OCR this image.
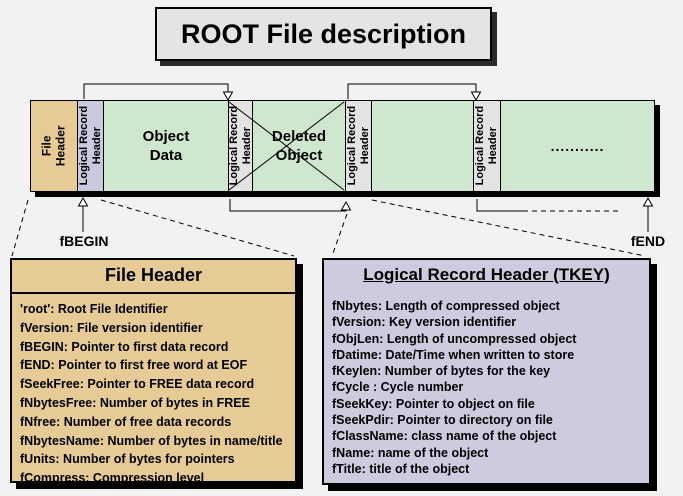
ROOT File description
File Header Logical Record Header	Object
Data	Logical Record Header Deleted
Object	Logical Record Header	Logical Record Header	...........
fBEGIN	fEND
File Header
'root': Root File Identifier
fVersion: File version identifier
fBEGIN: Pointer to first data record
fEND: Pointer to first free word at EOF
fSeekFree: Pointer to FREE data record
fNbytesFree: Number of bytes in FREE
fNfree: Number of free data records
fNbytesName: Number of bytes in name/title
fUnits: Number of bytes for pointers
fCompress: Compression level
Logical Record Header (TKEY)
fNbytes: Length of compressed object
fVersion: Key version identifier
fObjLen: Length of uncompressed object
fDatime: Date/Time when written to store
fKeylen: Number of bytes for the key
fCycle : Cycle number
fSeekKey: Pointer to object on file
fSeekPdir: Pointer to directory on file
fClassName: class name of the object
fName: name of the object
fTitle: title of the object
